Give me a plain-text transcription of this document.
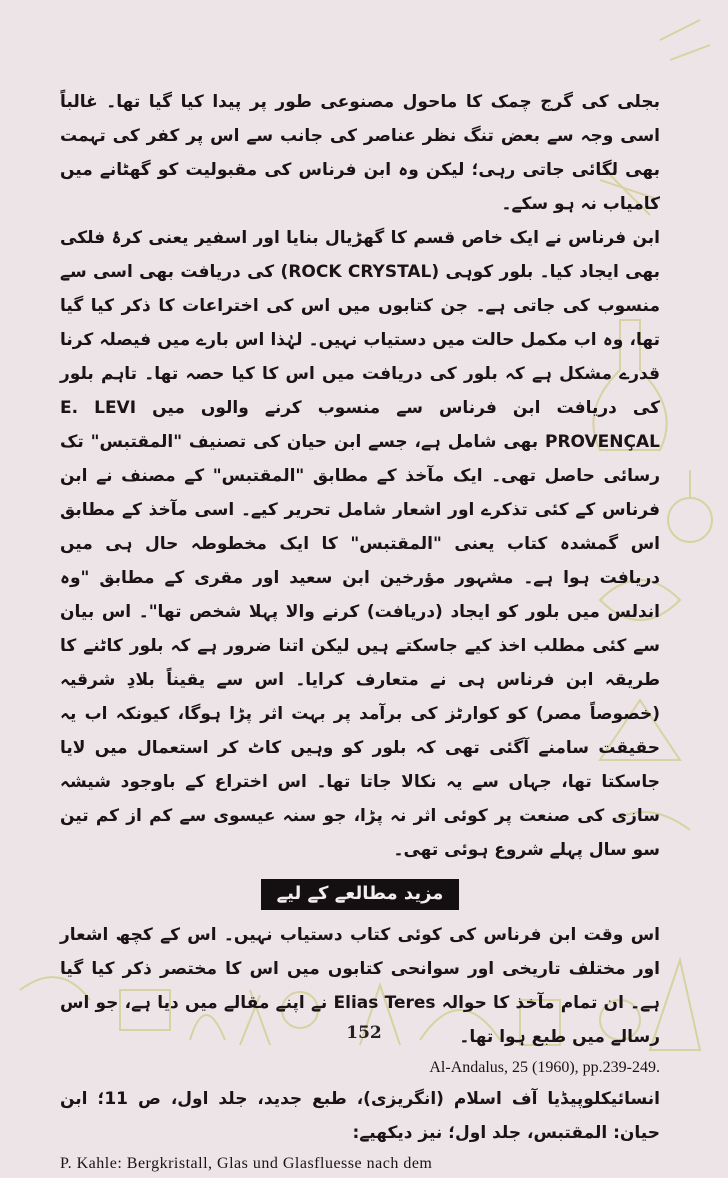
بجلی کی گرج چمک کا ماحول مصنوعی طور پر پیدا کیا گیا تھا۔ غالباً اسی وجہ سے بعض تنگ نظر عناصر کی جانب سے اس پر کفر کی تہمت بھی لگائی جاتی رہی؛ لیکن وہ ابن فرناس کی مقبولیت کو گھٹانے میں کامیاب نہ ہو سکے۔

ابن فرناس نے ایک خاص قسم کا گھڑیال بنایا اور اسفیر یعنی کرۂ فلکی بھی ایجاد کیا۔ بلور کوہی (ROCK CRYSTAL) کی دریافت بھی اسی سے منسوب کی جاتی ہے۔ جن کتابوں میں اس کی اختراعات کا ذکر کیا گیا تھا، وہ اب مکمل حالت میں دستیاب نہیں۔ لہٰذا اس بارے میں فیصلہ کرنا قدرے مشکل ہے کہ بلور کی دریافت میں اس کا کیا حصہ تھا۔ تاہم بلور کی دریافت ابن فرناس سے منسوب کرنے والوں میں E. LEVI PROVENÇAL بھی شامل ہے، جسے ابن حیان کی تصنیف "المقتبس" تک رسائی حاصل تھی۔ ایک مآخذ کے مطابق "المقتبس" کے مصنف نے ابن فرناس کے کئی تذکرے اور اشعار شامل تحریر کیے۔ اسی مآخذ کے مطابق اس گمشدہ کتاب یعنی "المقتبس" کا ایک مخطوطہ حال ہی میں دریافت ہوا ہے۔ مشہور مؤرخین ابن سعید اور مقری کے مطابق "وہ اندلس میں بلور کو ایجاد (دریافت) کرنے والا پہلا شخص تھا"۔ اس بیان سے کئی مطلب اخذ کیے جاسکتے ہیں لیکن اتنا ضرور ہے کہ بلور کاٹنے کا طریقہ ابن فرناس ہی نے متعارف کرایا۔ اس سے یقیناً بلادِ شرقیہ (خصوصاً مصر) کو کوارٹز کی برآمد پر بہت اثر پڑا ہوگا، کیونکہ اب یہ حقیقت سامنے آگئی تھی کہ بلور کو وہیں کاٹ کر استعمال میں لایا جاسکتا تھا، جہاں سے یہ نکالا جاتا تھا۔ اس اختراع کے باوجود شیشہ سازی کی صنعت پر کوئی اثر نہ پڑا، جو سنہ عیسوی سے کم از کم تین سو سال پہلے شروع ہوئی تھی۔

مزید مطالعے کے لیے

اس وقت ابن فرناس کی کوئی کتاب دستیاب نہیں۔ اس کے کچھ اشعار اور مختلف تاریخی اور سوانحی کتابوں میں اس کا مختصر ذکر کیا گیا ہے۔ ان تمام مآخذ کا حوالہ Elias Teres نے اپنے مقالے میں دیا ہے، جو اس رسالے میں طبع ہوا تھا۔

Al-Andalus, 25 (1960), pp.239-249.

انسائیکلوپیڈیا آف اسلام (انگریزی)، طبع جدید، جلد اول، ص 11؛ ابن حیان: المقتبس، جلد اول؛ نیز دیکھیے:

P. Kahle: Bergkristall, Glas und Glasfluesse nach dem

152
